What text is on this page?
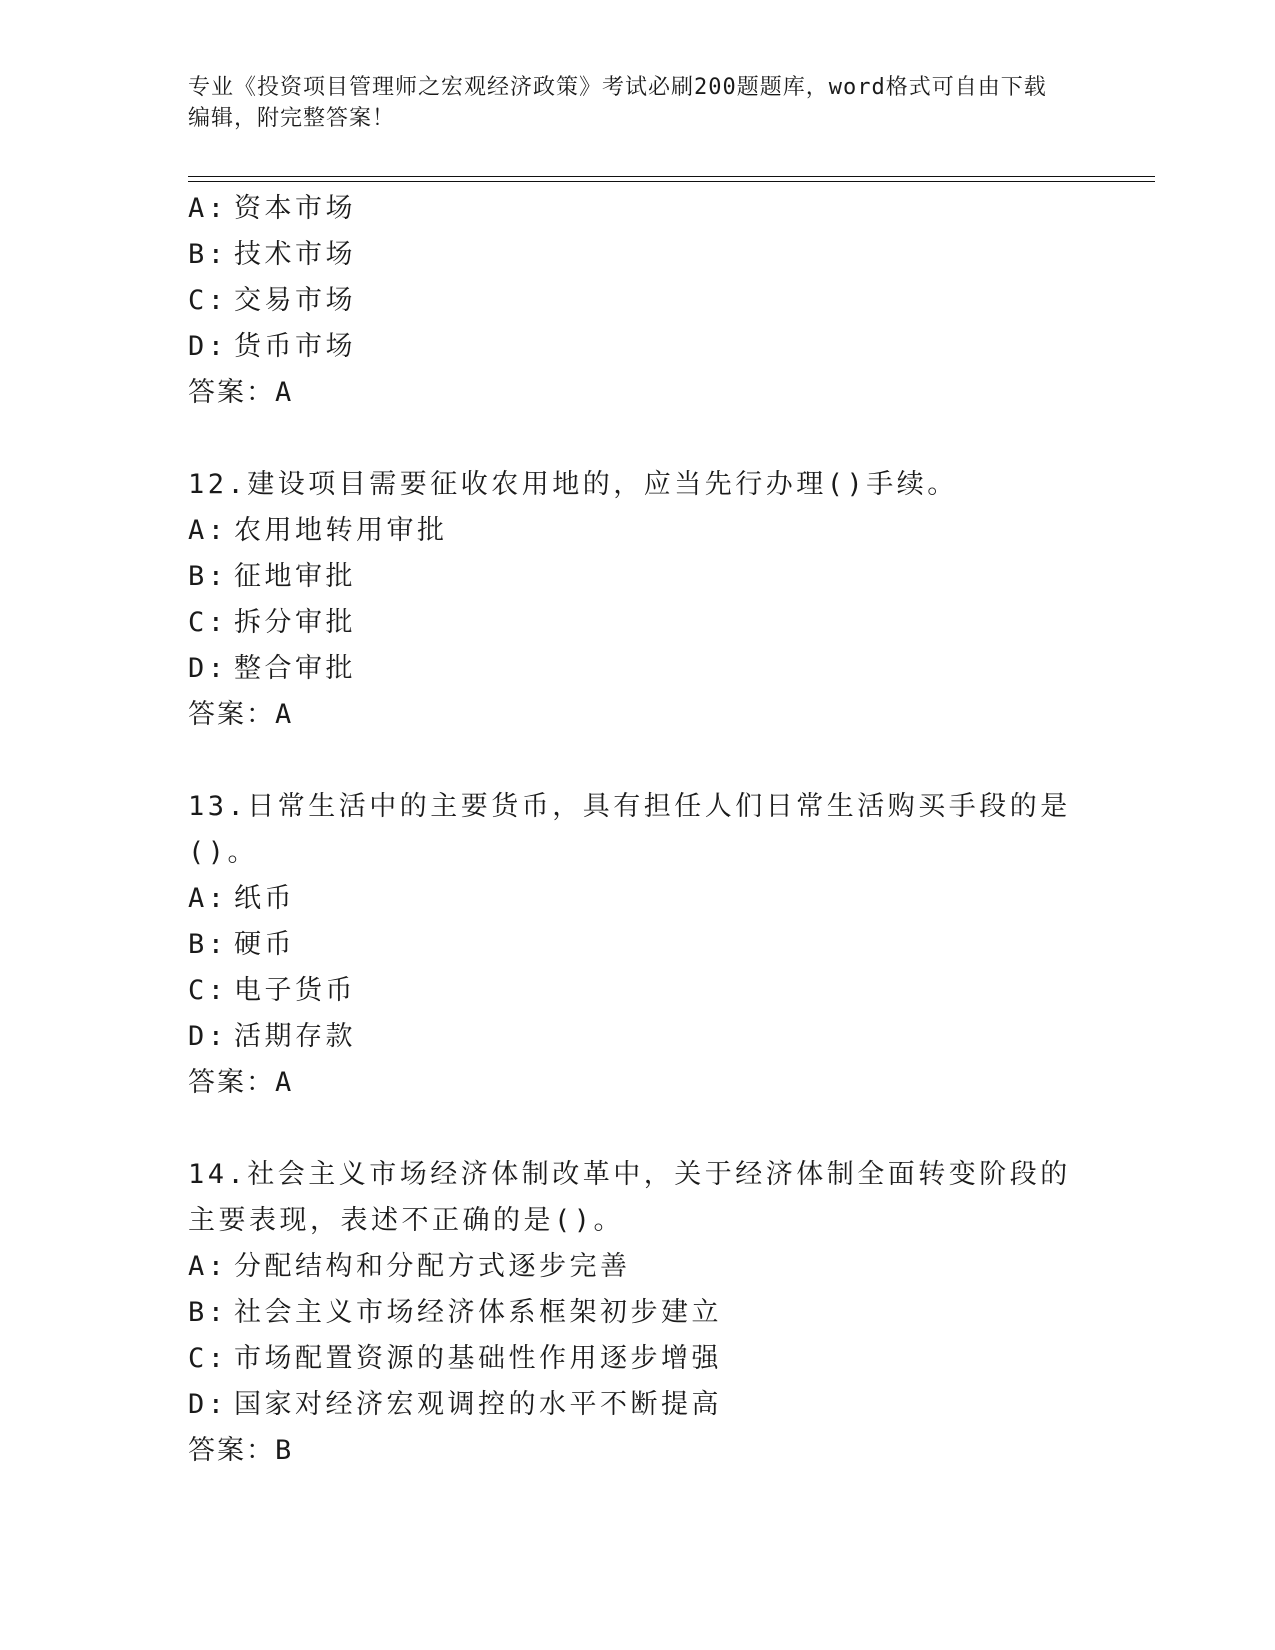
专业《投资项目管理师之宏观经济政策》考试必刷200题题库，word格式可自由下载编辑，附完整答案！
A: 资本市场
B: 技术市场
C: 交易市场
D: 货币市场
答案：A
12.建设项目需要征收农用地的，应当先行办理()手续。
A: 农用地转用审批
B: 征地审批
C: 拆分审批
D: 整合审批
答案：A
13.日常生活中的主要货币，具有担任人们日常生活购买手段的是()。
A: 纸币
B: 硬币
C: 电子货币
D: 活期存款
答案：A
14.社会主义市场经济体制改革中，关于经济体制全面转变阶段的主要表现，表述不正确的是()。
A: 分配结构和分配方式逐步完善
B: 社会主义市场经济体系框架初步建立
C: 市场配置资源的基础性作用逐步增强
D: 国家对经济宏观调控的水平不断提高
答案：B
